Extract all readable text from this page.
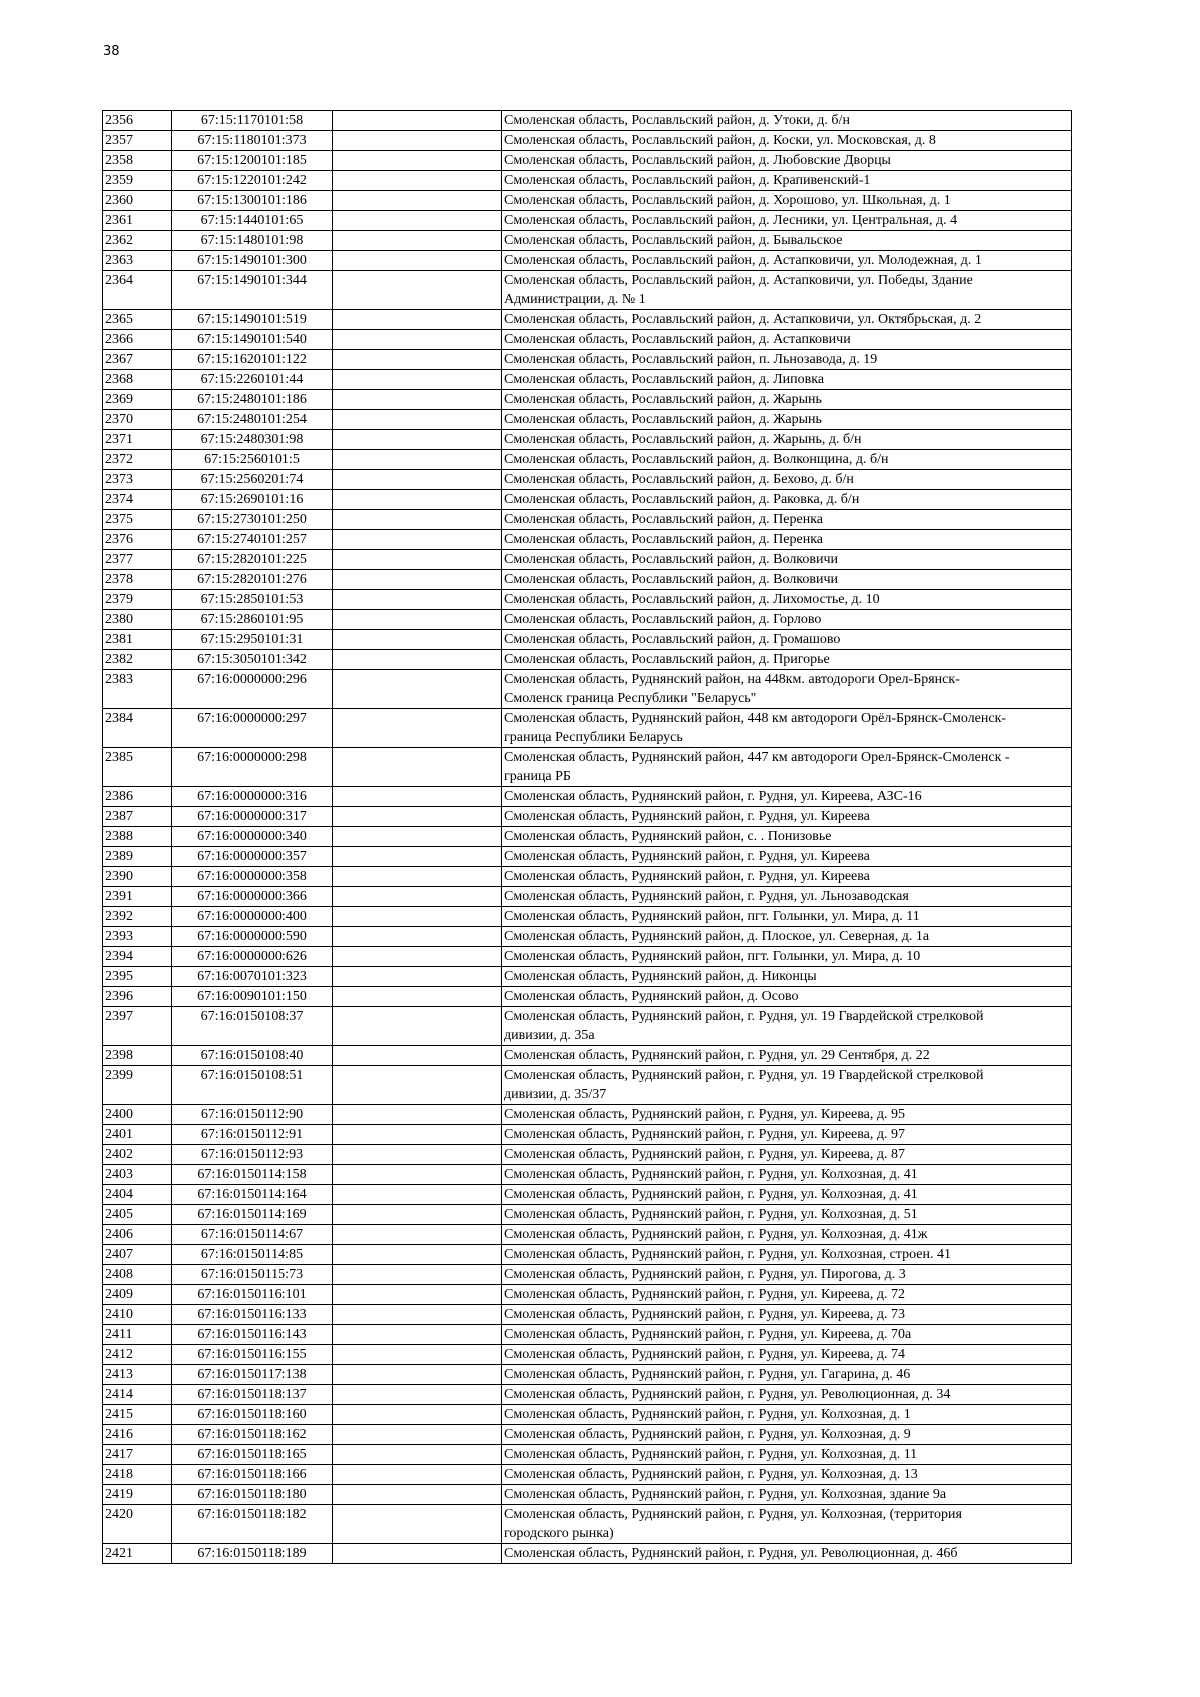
38
2356	67:15:1170101:58		Смоленская область, Рославльский район, д. Утоки, д. б/н
2357	67:15:1180101:373		Смоленская область, Рославльский район, д. Коски, ул. Московская, д. 8
2358	67:15:1200101:185		Смоленская область, Рославльский район, д. Любовские Дворцы
2359	67:15:1220101:242		Смоленская область, Рославльский район, д. Крапивенский-1
2360	67:15:1300101:186		Смоленская область, Рославльский район, д. Хорошово, ул. Школьная, д. 1
2361	67:15:1440101:65		Смоленская область, Рославльский район, д. Лесники, ул. Центральная, д. 4
2362	67:15:1480101:98		Смоленская область, Рославльский район, д. Бывальское
2363	67:15:1490101:300		Смоленская область, Рославльский район, д. Астапковичи, ул. Молодежная, д. 1
2364	67:15:1490101:344		Смоленская область, Рославльский район, д. Астапковичи, ул. Победы, Здание
Администрации, д. № 1
2365	67:15:1490101:519		Смоленская область, Рославльский район, д. Астапковичи, ул. Октябрьская, д. 2
2366	67:15:1490101:540		Смоленская область, Рославльский район, д. Астапковичи
2367	67:15:1620101:122		Смоленская область, Рославльский район, п. Льнозавода, д. 19
2368	67:15:2260101:44		Смоленская область, Рославльский район, д. Липовка
2369	67:15:2480101:186		Смоленская область, Рославльский район, д. Жарынь
2370	67:15:2480101:254		Смоленская область, Рославльский район, д. Жарынь
2371	67:15:2480301:98		Смоленская область, Рославльский район, д. Жарынь, д. б/н
2372	67:15:2560101:5		Смоленская область, Рославльский район, д. Волконщина, д. б/н
2373	67:15:2560201:74		Смоленская область, Рославльский район, д. Бехово, д. б/н
2374	67:15:2690101:16		Смоленская область, Рославльский район, д. Раковка, д. б/н
2375	67:15:2730101:250		Смоленская область, Рославльский район, д. Перенка
2376	67:15:2740101:257		Смоленская область, Рославльский район, д. Перенка
2377	67:15:2820101:225		Смоленская область, Рославльский район, д. Волковичи
2378	67:15:2820101:276		Смоленская область, Рославльский район, д. Волковичи
2379	67:15:2850101:53		Смоленская область, Рославльский район, д. Лихомостье, д. 10
2380	67:15:2860101:95		Смоленская область, Рославльский район, д. Горлово
2381	67:15:2950101:31		Смоленская область, Рославльский район, д. Громашово
2382	67:15:3050101:342		Смоленская область, Рославльский район, д. Пригорье
2383	67:16:0000000:296		Смоленская область, Руднянский район, на 448км. автодороги Орел-Брянск-
Смоленск граница Республики "Беларусь"
2384	67:16:0000000:297		Смоленская область, Руднянский район, 448 км автодороги Орёл-Брянск-Смоленск-
граница Республики Беларусь
2385	67:16:0000000:298		Смоленская область, Руднянский район, 447 км автодороги Орел-Брянск-Смоленск -
граница РБ
2386	67:16:0000000:316		Смоленская область, Руднянский район, г. Рудня, ул. Киреева, АЗС-16
2387	67:16:0000000:317		Смоленская область, Руднянский район, г. Рудня, ул. Киреева
2388	67:16:0000000:340		Смоленская область, Руднянский район, с. . Понизовье
2389	67:16:0000000:357		Смоленская область, Руднянский район, г. Рудня, ул. Киреева
2390	67:16:0000000:358		Смоленская область, Руднянский район, г. Рудня, ул. Киреева
2391	67:16:0000000:366		Смоленская область, Руднянский район, г. Рудня, ул. Льнозаводская
2392	67:16:0000000:400		Смоленская область, Руднянский район, пгт. Голынки, ул. Мира, д. 11
2393	67:16:0000000:590		Смоленская область, Руднянский район, д. Плоское, ул. Северная, д. 1а
2394	67:16:0000000:626		Смоленская область, Руднянский район, пгт. Голынки, ул. Мира, д. 10
2395	67:16:0070101:323		Смоленская область, Руднянский район, д. Никонцы
2396	67:16:0090101:150		Смоленская область, Руднянский район, д. Осово
2397	67:16:0150108:37		Смоленская область, Руднянский район, г. Рудня, ул. 19 Гвардейской стрелковой
дивизии, д. 35а
2398	67:16:0150108:40		Смоленская область, Руднянский район, г. Рудня, ул. 29 Сентября, д. 22
2399	67:16:0150108:51		Смоленская область, Руднянский район, г. Рудня, ул. 19 Гвардейской стрелковой
дивизии, д. 35/37
2400	67:16:0150112:90		Смоленская область, Руднянский район, г. Рудня, ул. Киреева, д. 95
2401	67:16:0150112:91		Смоленская область, Руднянский район, г. Рудня, ул. Киреева, д. 97
2402	67:16:0150112:93		Смоленская область, Руднянский район, г. Рудня, ул. Киреева, д. 87
2403	67:16:0150114:158		Смоленская область, Руднянский район, г. Рудня, ул. Колхозная, д. 41
2404	67:16:0150114:164		Смоленская область, Руднянский район, г. Рудня, ул. Колхозная, д. 41
2405	67:16:0150114:169		Смоленская область, Руднянский район, г. Рудня, ул. Колхозная, д. 51
2406	67:16:0150114:67		Смоленская область, Руднянский район, г. Рудня, ул. Колхозная, д. 41ж
2407	67:16:0150114:85		Смоленская область, Руднянский район, г. Рудня, ул. Колхозная, строен. 41
2408	67:16:0150115:73		Смоленская область, Руднянский район, г. Рудня, ул. Пирогова, д. 3
2409	67:16:0150116:101		Смоленская область, Руднянский район, г. Рудня, ул. Киреева, д. 72
2410	67:16:0150116:133		Смоленская область, Руднянский район, г. Рудня, ул. Киреева, д. 73
2411	67:16:0150116:143		Смоленская область, Руднянский район, г. Рудня, ул. Киреева, д. 70а
2412	67:16:0150116:155		Смоленская область, Руднянский район, г. Рудня, ул. Киреева, д. 74
2413	67:16:0150117:138		Смоленская область, Руднянский район, г. Рудня, ул. Гагарина, д. 46
2414	67:16:0150118:137		Смоленская область, Руднянский район, г. Рудня, ул. Революционная, д. 34
2415	67:16:0150118:160		Смоленская область, Руднянский район, г. Рудня, ул. Колхозная, д. 1
2416	67:16:0150118:162		Смоленская область, Руднянский район, г. Рудня, ул. Колхозная, д. 9
2417	67:16:0150118:165		Смоленская область, Руднянский район, г. Рудня, ул. Колхозная, д. 11
2418	67:16:0150118:166		Смоленская область, Руднянский район, г. Рудня, ул. Колхозная, д. 13
2419	67:16:0150118:180		Смоленская область, Руднянский район, г. Рудня, ул. Колхозная, здание 9а
2420	67:16:0150118:182		Смоленская область, Руднянский район, г. Рудня, ул. Колхозная, (территория
городского рынка)
2421	67:16:0150118:189		Смоленская область, Руднянский район, г. Рудня, ул. Революционная, д. 46б
